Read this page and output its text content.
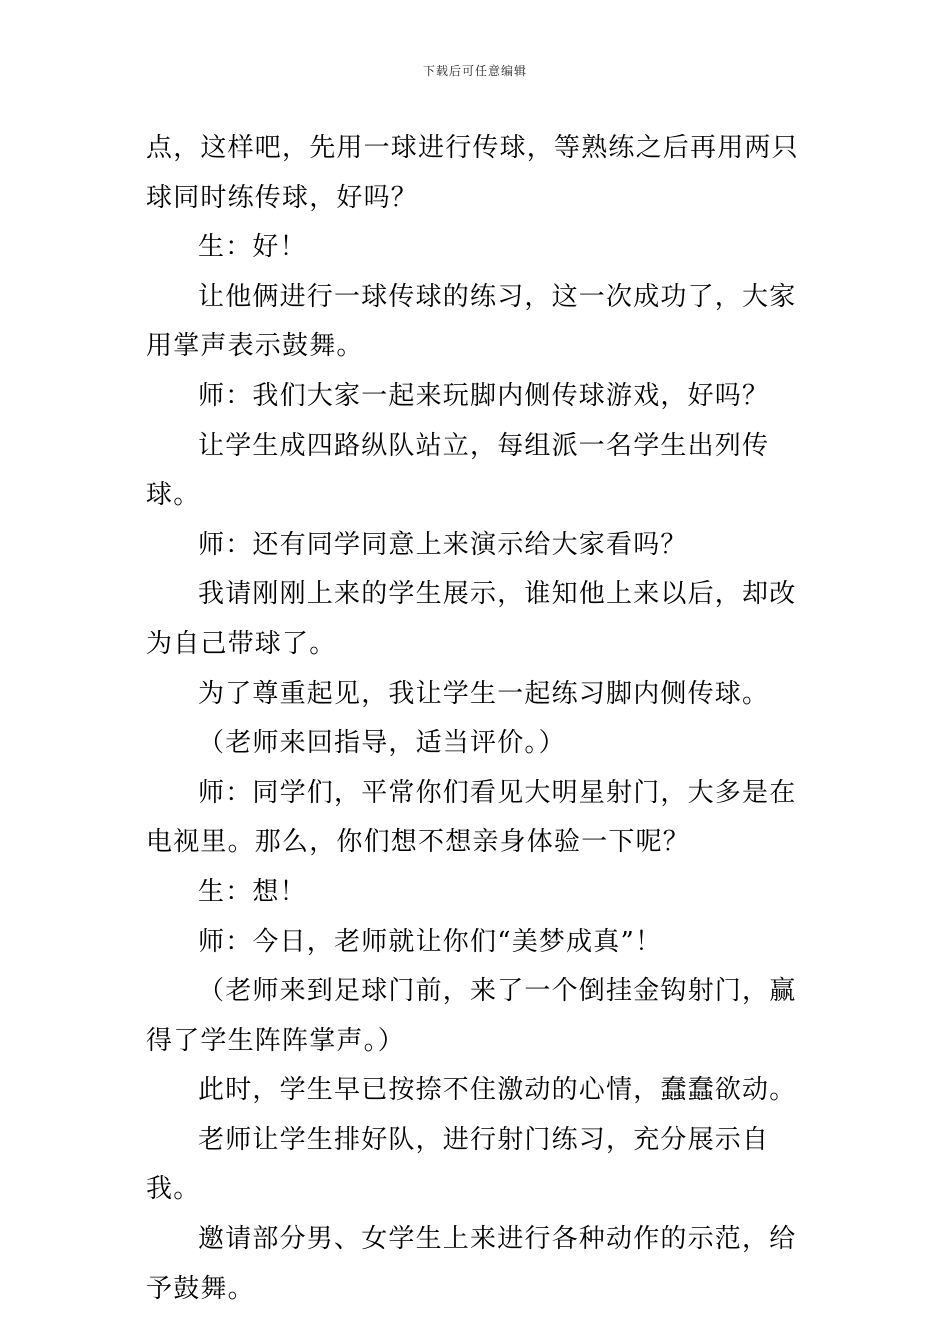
下载后可任意编辑

点，这样吧，先用一球进行传球，等熟练之后再用两只球同时练传球，好吗？

生：好！

让他俩进行一球传球的练习，这一次成功了，大家用掌声表示鼓舞。

师：我们大家一起来玩脚内侧传球游戏，好吗？

让学生成四路纵队站立，每组派一名学生出列传球。

师：还有同学同意上来演示给大家看吗？

我请刚刚上来的学生展示，谁知他上来以后，却改为自己带球了。

为了尊重起见，我让学生一起练习脚内侧传球。

（老师来回指导，适当评价。）

师：同学们，平常你们看见大明星射门，大多是在电视里。那么，你们想不想亲身体验一下呢？

生：想！

师：今日，老师就让你们“美梦成真”！

（老师来到足球门前，来了一个倒挂金钩射门，赢得了学生阵阵掌声。）

此时，学生早已按捺不住激动的心情，蠢蠢欲动。

老师让学生排好队，进行射门练习，充分展示自我。

邀请部分男、女学生上来进行各种动作的示范，给予鼓舞。
